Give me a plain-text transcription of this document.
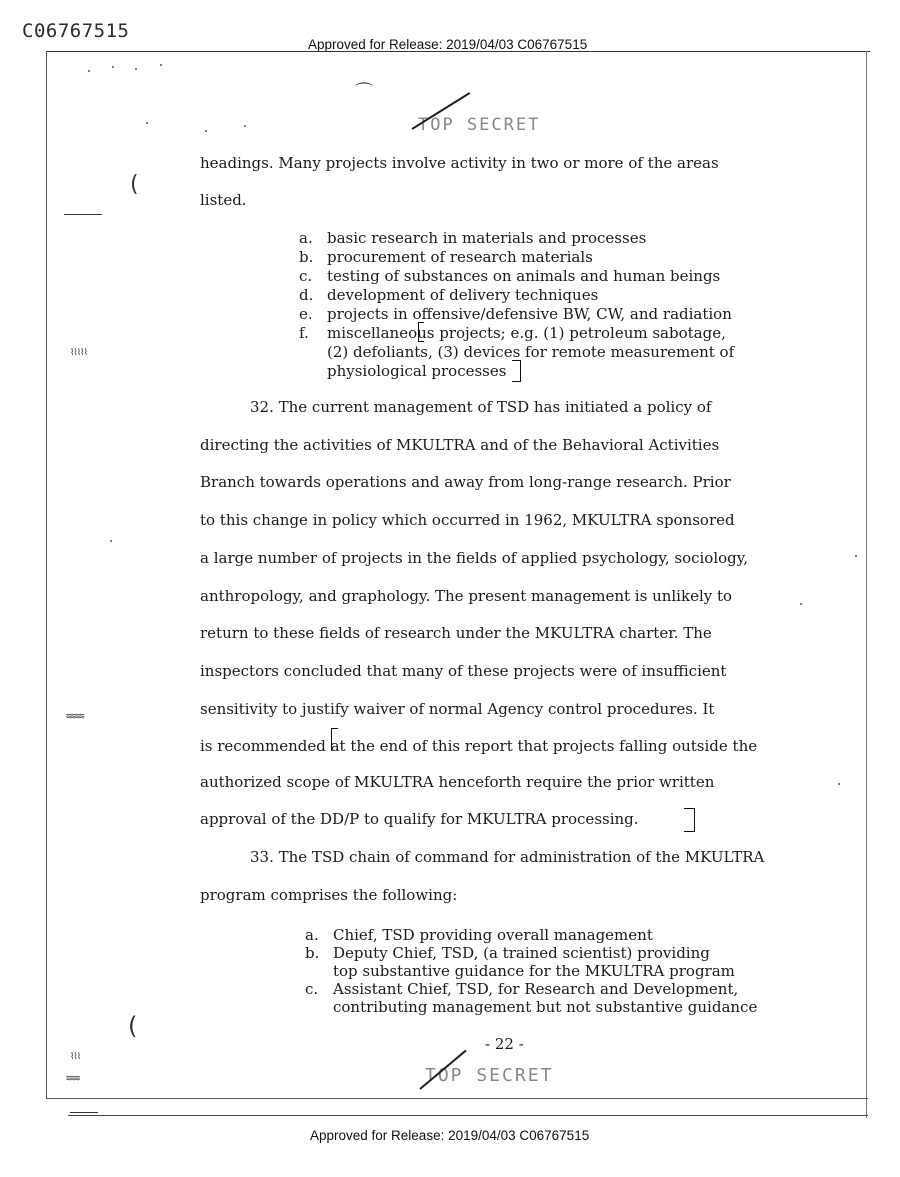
C06767515
Approved for Release: 2019/04/03 C06767515
TOP SECRET
(
(
⌒
⌇⌇⌇⌇⌇
≋≋≋≋
⌇⌇⌇
≋≋≋
headings. Many projects involve activity in two or more of the areas
listed.
a. basic research in materials and processes
b. procurement of research materials
c. testing of substances on animals and human beings
d. development of delivery techniques
e. projects in offensive/defensive BW, CW, and radiation
f. miscellaneous projects; e.g. (1) petroleum sabotage,
(2) defoliants, (3) devices for remote measurement of
physiological processes
32. The current management of TSD has initiated a policy of
directing the activities of MKULTRA and of the Behavioral Activities
Branch towards operations and away from long-range research. Prior
to this change in policy which occurred in 1962, MKULTRA sponsored
a large number of projects in the fields of applied psychology, sociology,
anthropology, and graphology. The present management is unlikely to
return to these fields of research under the MKULTRA charter. The
inspectors concluded that many of these projects were of insufficient
sensitivity to justify waiver of normal Agency control procedures. It
is recommended at the end of this report that projects falling outside the
authorized scope of MKULTRA henceforth require the prior written
approval of the DD/P to qualify for MKULTRA processing.
33. The TSD chain of command for administration of the MKULTRA
program comprises the following:
a. Chief, TSD providing overall management
b. Deputy Chief, TSD, (a trained scientist) providing
top substantive guidance for the MKULTRA program
c. Assistant Chief, TSD, for Research and Development,
contributing management but not substantive guidance
- 22 -
TOP SECRET
Approved for Release: 2019/04/03 C06767515
